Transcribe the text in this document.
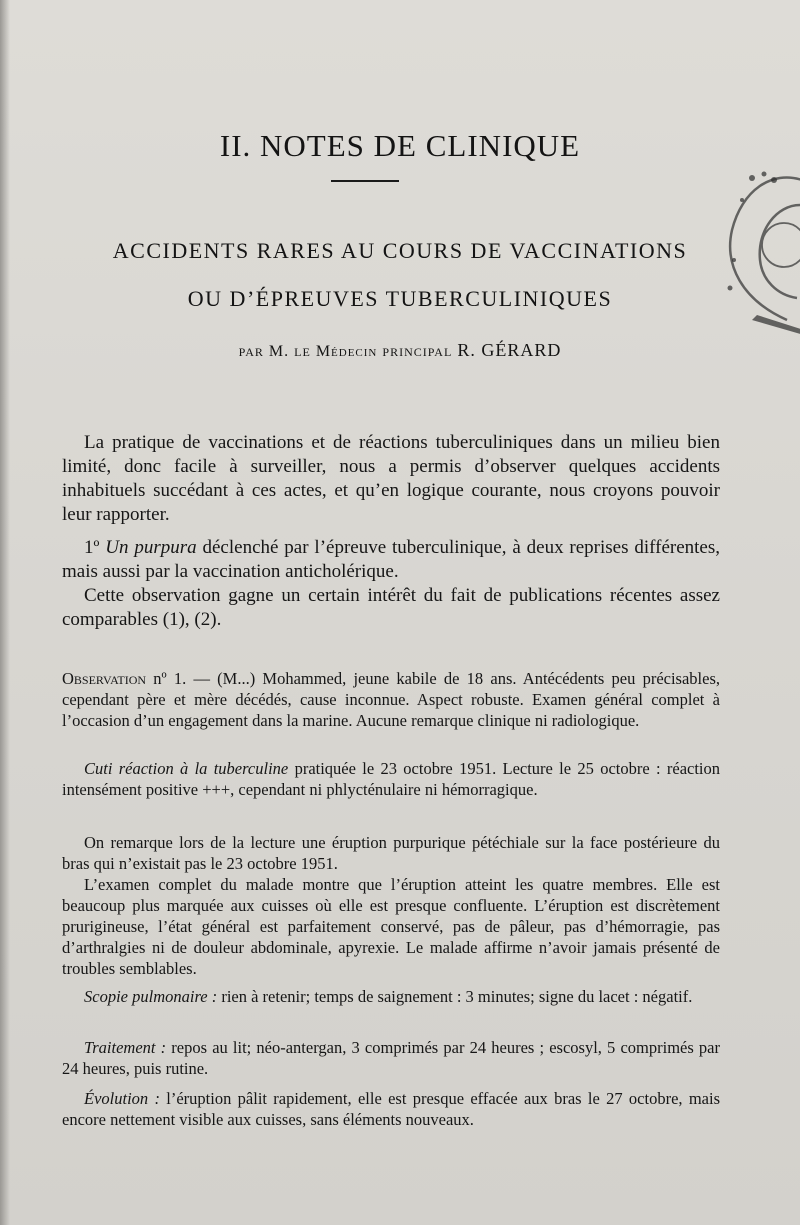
II. NOTES DE CLINIQUE
ACCIDENTS RARES AU COURS DE VACCINATIONS
OU D’ÉPREUVES TUBERCULINIQUES
PAR M. LE Médecin PRINCIPAL R. GÉRARD

La pratique de vaccinations et de réactions tuberculiniques dans un milieu bien limité, donc facile à surveiller, nous a permis d’observer quelques accidents inhabituels succédant à ces actes, et qu’en logique courante, nous croyons pouvoir leur rapporter.

1º Un purpura déclenché par l’épreuve tuberculinique, à deux reprises différentes, mais aussi par la vaccination anticholérique.

Cette observation gagne un certain intérêt du fait de publications récentes assez comparables (1), (2).

Observation nº 1. — (M...) Mohammed, jeune kabile de 18 ans. Antécédents peu précisables, cependant père et mère décédés, cause inconnue. Aspect robuste. Examen général complet à l’occasion d’un engagement dans la marine. Aucune remarque clinique ni radiologique.

Cuti réaction à la tuberculine pratiquée le 23 octobre 1951. Lecture le 25 octobre : réaction intensément positive +++, cependant ni phlycténulaire ni hémorragique.

On remarque lors de la lecture une éruption purpurique pétéchiale sur la face postérieure du bras qui n’existait pas le 23 octobre 1951.

L’examen complet du malade montre que l’éruption atteint les quatre membres. Elle est beaucoup plus marquée aux cuisses où elle est presque confluente. L’éruption est discrètement prurigineuse, l’état général est parfaitement conservé, pas de pâleur, pas d’hémorragie, pas d’arthralgies ni de douleur abdominale, apyrexie. Le malade affirme n’avoir jamais présenté de troubles semblables.

Scopie pulmonaire : rien à retenir; temps de saignement : 3 minutes; signe du lacet : négatif.

Traitement : repos au lit; néo-antergan, 3 comprimés par 24 heures ; escosyl, 5 comprimés par 24 heures, puis rutine.

Évolution : l’éruption pâlit rapidement, elle est presque effacée aux bras le 27 octobre, mais encore nettement visible aux cuisses, sans éléments nouveaux.
